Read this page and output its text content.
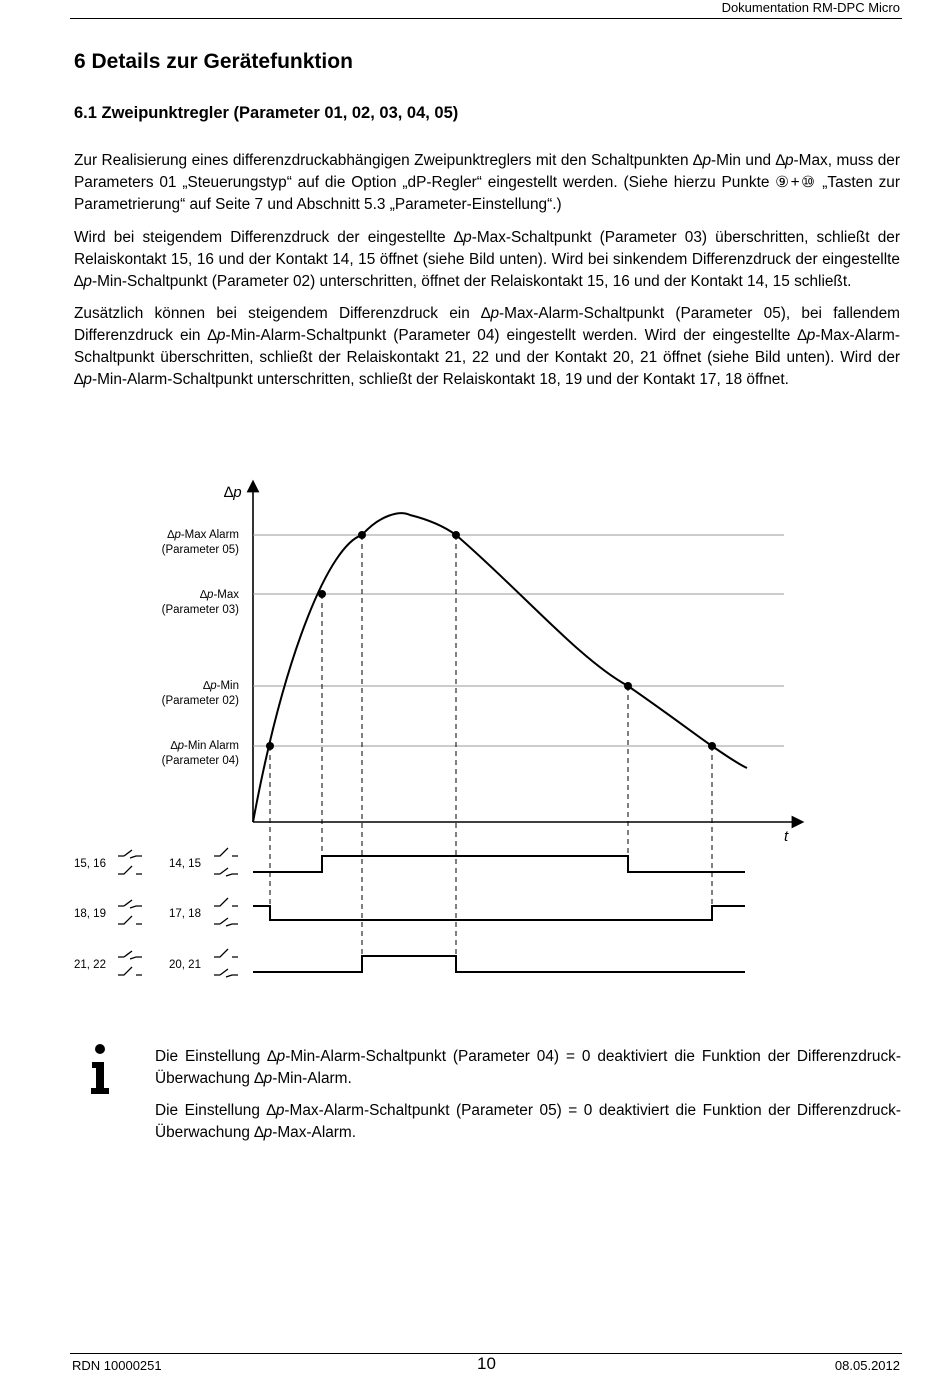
Dokumentation RM-DPC Micro
6 Details zur Gerätefunktion
6.1 Zweipunktregler (Parameter 01, 02, 03, 04, 05)

Zur Realisierung eines differenzdruckabhängigen Zweipunktreglers mit den Schaltpunkten ∆p-Min und ∆p-Max, muss der Parameters 01 „Steuerungstyp“ auf die Option „dP-Regler“ eingestellt werden. (Siehe hierzu Punkte ⑨+⑩ „Tasten zur Parametrierung“ auf Seite 7 und Abschnitt 5.3 „Parameter-Einstellung“.)

Wird bei steigendem Differenzdruck der eingestellte ∆p-Max-Schaltpunkt (Parameter 03) überschritten, schließt der Relaiskontakt 15, 16 und der Kontakt 14, 15 öffnet (siehe Bild unten). Wird bei sinkendem Differenzdruck der eingestellte ∆p-Min-Schaltpunkt (Parameter 02) unterschritten, öffnet der Relaiskontakt 15, 16 und der Kontakt 14, 15 schließt.

Zusätzlich können bei steigendem Differenzdruck ein ∆p-Max-Alarm-Schaltpunkt (Parameter 05), bei fallendem Differenzdruck ein ∆p-Min-Alarm-Schaltpunkt (Parameter 04) eingestellt werden. Wird der eingestellte ∆p-Max-Alarm-Schaltpunkt überschritten, schließt der Relaiskontakt 21, 22 und der Kontakt 20, 21 öffnet (siehe Bild unten). Wird der ∆p-Min-Alarm-Schaltpunkt unterschritten, schließt der Relaiskontakt 18, 19 und der Kontakt 17, 18 öffnet.

∆p
t
∆p-Max Alarm
(Parameter 05)
∆p-Max
(Parameter 03)
∆p-Min
(Parameter 02)
∆p-Min Alarm
(Parameter 04)
15, 16	14, 15
18, 19	17, 18
21, 22	20, 21

Die Einstellung ∆p-Min-Alarm-Schaltpunkt (Parameter 04) = 0 deaktiviert die Funktion der Differenzdruck-Überwachung ∆p-Min-Alarm.

Die Einstellung ∆p-Max-Alarm-Schaltpunkt (Parameter 05) = 0 deaktiviert die Funktion der Differenzdruck-Überwachung ∆p-Max-Alarm.

RDN 10000251	10	08.05.2012
